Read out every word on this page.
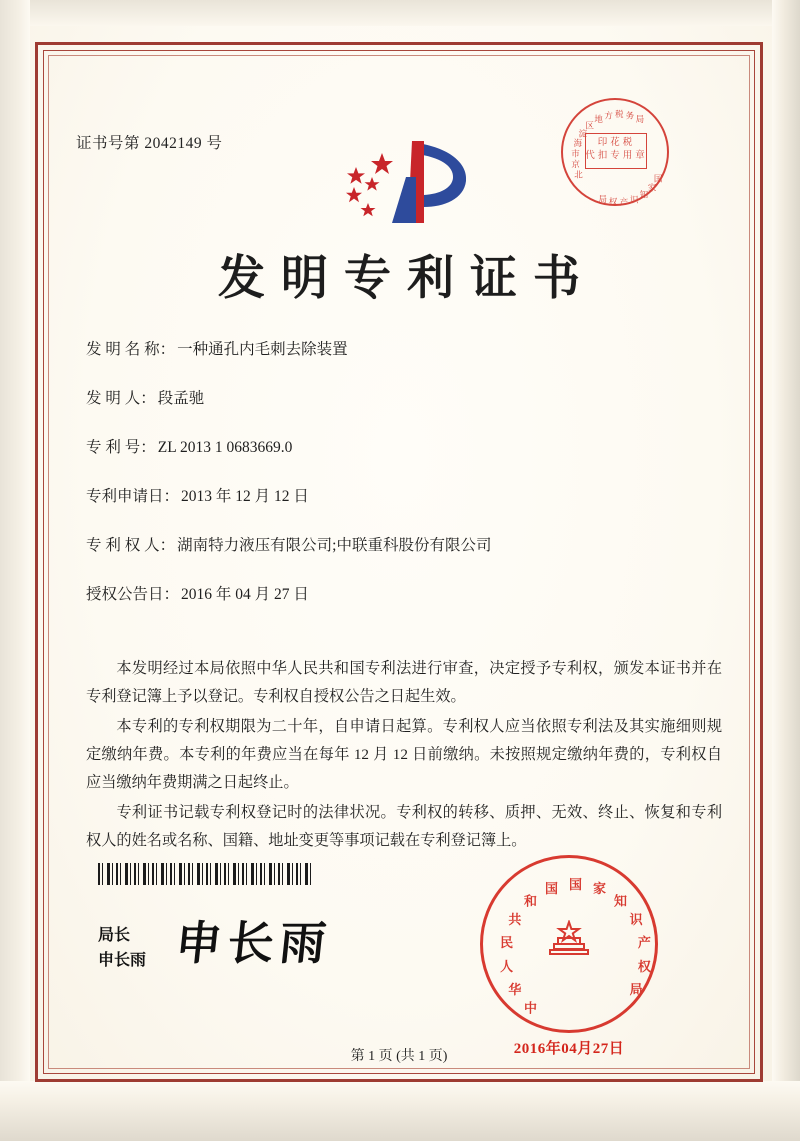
证书号第 2042149 号
北
京
市
海
淀
区
地 方 税 务 局
国
家
知
识
产
权
局
印 花 税
代 扣 专 用 章
发明专利证书
发 明 名 称： 一种通孔内毛刺去除装置
发 明 人： 段孟驰
专 利 号： ZL 2013 1 0683669.0
专利申请日： 2013 年 12 月 12 日
专 利 权 人： 湖南特力液压有限公司;中联重科股份有限公司
授权公告日： 2016 年 04 月 27 日

本发明经过本局依照中华人民共和国专利法进行审查，决定授予专利权，颁发本证书并在专利登记簿上予以登记。专利权自授权公告之日起生效。

本专利的专利权期限为二十年，自申请日起算。专利权人应当依照专利法及其实施细则规定缴纳年费。本专利的年费应当在每年 12 月 12 日前缴纳。未按照规定缴纳年费的，专利权自应当缴纳年费期满之日起终止。

专利证书记载专利权登记时的法律状况。专利权的转移、质押、无效、终止、恢复和专利权人的姓名或名称、国籍、地址变更等事项记载在专利登记簿上。

局长
申长雨 申长雨
中
华
人
民
共
和
国 国 家
知
识
产
权
局
2016年04月27日
第 1 页 (共 1 页)
